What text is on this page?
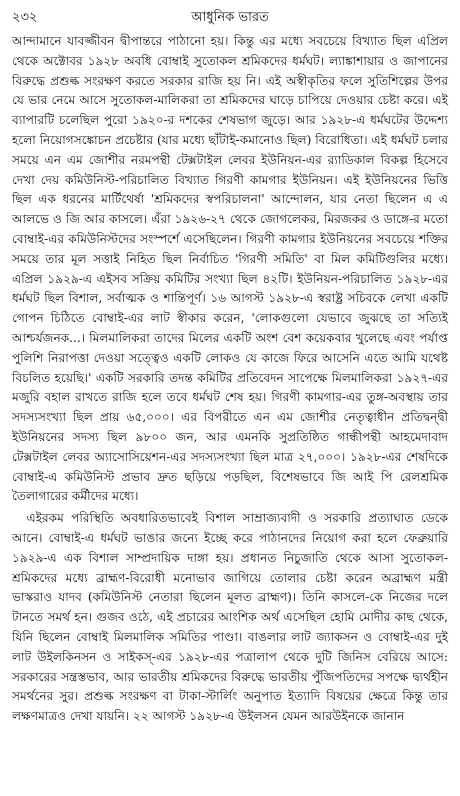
২৩২	আধুনিক ভারত

আন্দামানে যাবজ্জীবন দ্বীপান্তরে পাঠানো হয়। কিন্তু এর মধ্যে সবচেয়ে বিখ্যাত ছিল এপ্রিল থেকে অক্টোবর ১৯২৮ অবধি বোম্বাই সুতোকল শ্রমিকদের ধর্মঘট। ল্যাঙ্কাশায়ার ও জাপানের বিরুদ্ধে প্রশুল্ক সংরক্ষণ করতে সরকার রাজি হয় নি। এই অস্বীকৃতির ফলে সুতিশিল্পের উপর যে ভার নেমে আসে সুতোকল-মালিকরা তা শ্রমিকদের ঘাড়ে চাপিয়ে দেওয়ার চেষ্টা করে। এই ব্যাপারটি চলেছিল পুরো ১৯২০-র দশকের শেষভাগ জুড়ে। আর ১৯২৮-এ ধর্মঘটের উদ্দেশ্য হলো নিয়োগসঙ্কোচন প্রচেষ্টার (যার মধ্যে ছাঁটাই-কমানোও ছিল) বিরোধিতা। এই ধর্মঘট চলার সময়ে এন এম জোশীর নরমপন্থী টেক্সটাইল লেবর ইউনিয়ন-এর র‍্যাডিকাল বিকল্প হিসেবে দেখা দেয় কমিউনিস্ট-পরিচালিত বিখ্যাত গিরণী কামগার ইউনিয়ন। এই ইউনিয়নের ভিত্তি ছিল এক ধরনের মার্টিথের্ষা 'শ্রমিকদের স্বপরিচালনা' আন্দোলন, যার নেতা ছিলেন এ এ আলভে ও জি আর কাসলে। এঁরা ১৯২৬-২৭ থেকে জোগলেকর, মিরজকর ও ডাঙ্গে-র মতো বোম্বাই-এর কমিউনিস্টদের সংস্পর্শে এসেছিলেন। গিরণী কামগার ইউনিয়নের সবচেয়ে শক্তির সময়ে তার মূল সত্তাই নিহিত ছিল নির্বাচিত 'গিরণী সমিতি' বা মিল কমিটিগুলির মধ্যে। এপ্রিল ১৯২৯-এ এইসব সক্রিয় কমিটির সংখ্যা ছিল ৪২টি। ইউনিয়ন-পরিচালিত ১৯২৮-এর ধর্মঘট ছিল বিশাল, সর্বাত্মক ও শান্তিপূর্ণ। ১৬ আগস্ট ১৯২৮-এ স্বরাষ্ট্র সচিবকে লেখা একটি গোপন চিঠিতে বোম্বাই-এর লাট স্বীকার করেন, 'লোকগুলো যেভাবে জুঝছে তা সত্যিই আশ্চর্যজনক...। মিলমালিকরা তাদের মিলের একটি অংশ বেশ কয়েকবার খুলেছে এবং পর্যাপ্ত পুলিশি নিরাপত্তা দেওয়া সত্ত্বেও একটি লোকও যে কাজে ফিরে আসেনি এতে আমি যথেষ্ট বিচলিত হয়েছি।' একটি সরকারি তদন্ত কমিটির প্রতিবেদন সাপেক্ষে মিলমালিকরা ১৯২৭-এর মজুরি বহাল রাখতে রাজি হলে তবে ধর্মঘট শেষ হয়। গিরণী কামগার-এর তুঙ্গ-অবস্থায় তার সদস্যসংখ্যা ছিল প্রায় ৬৫,০০০। এর বিপরীতে এন এম জোশীর নেতৃত্বাধীন প্রতিদ্বন্দ্বী ইউনিয়নের সদস্য ছিল ৯৮০০ জন, আর এমনকি সুপ্রতিষ্ঠিত গান্ধীপন্থী আহমেদাবাদ টেক্সটাইল লেবর অ্যাসোসিয়েশন-এর সদস্যসংখ্যা ছিল মাত্র ২৭,০০০। ১৯২৮-এর শেষদিকে বোম্বাই-এ কমিউনিস্ট প্রভাব দ্রুত ছড়িয়ে পড়ছিল, বিশেষভাবে জি আই পি রেলশ্রমিক তৈলাগারের কর্মীদের মধ্যে।

এইরকম পরিস্থিতি অবধারিতভাবেই বিশাল সাম্রাজ্যবাদী ও সরকারি প্রত্যাঘাত ডেকে আনে। বোম্বাই-এ ধর্মঘট ভাঙার জন্যে ইচ্ছে করে পাঠানদের নিয়োগ করা হলে ফেব্রুয়ারি ১৯২৯-এ এক বিশাল সাম্প্রদায়িক দাঙ্গা হয়। প্রধানত নিচুজাতি থেকে আসা সুতোকল-শ্রমিকদের মধ্যে ব্রাহ্মণ-বিরোধী মনোভাব জাগিয়ে তোলার চেষ্টা করেন অব্রাহ্মণ মন্ত্রী ভাস্করাও যাদব (কমিউনিস্ট নেতারা ছিলেন মূলত ব্রাহ্মণ)। তিনি কাসলে-কে নিজের দলে টানতে সমর্থ হন। গুজব ওঠে, এই প্রচারের আংশিক অর্থ এসেছিল হোমি মোদীর কাছ থেকে, যিনি ছিলেন বোম্বাই মিলমালিক সমিতির পাণ্ডা। বাঙলার লাট জ্যাকসন ও বোম্বাই-এর দুই লাট উইলকিনসন ও সাইকস্-এর ১৯২৮-এর পত্রালাপ থেকে দুটি জিনিস বেরিয়ে আসে: সরকারের সন্ত্রস্তভাব, আর ভারতীয় শ্রমিকদের বিরুদ্ধে ভারতীয় পুঁজিপতিদের সপক্ষে দ্ব্যর্থহীন সমর্থনের সুর। প্রশুল্ক সংরক্ষণ বা টাকা-স্টার্লিং অনুপাত ইত্যাদি বিষয়ের ক্ষেত্রে কিন্তু তার লক্ষণমাত্রও দেখা যায়নি। ২২ আগস্ট ১৯২৮-এ উইলসন যেমন আরউইনকে জানান
